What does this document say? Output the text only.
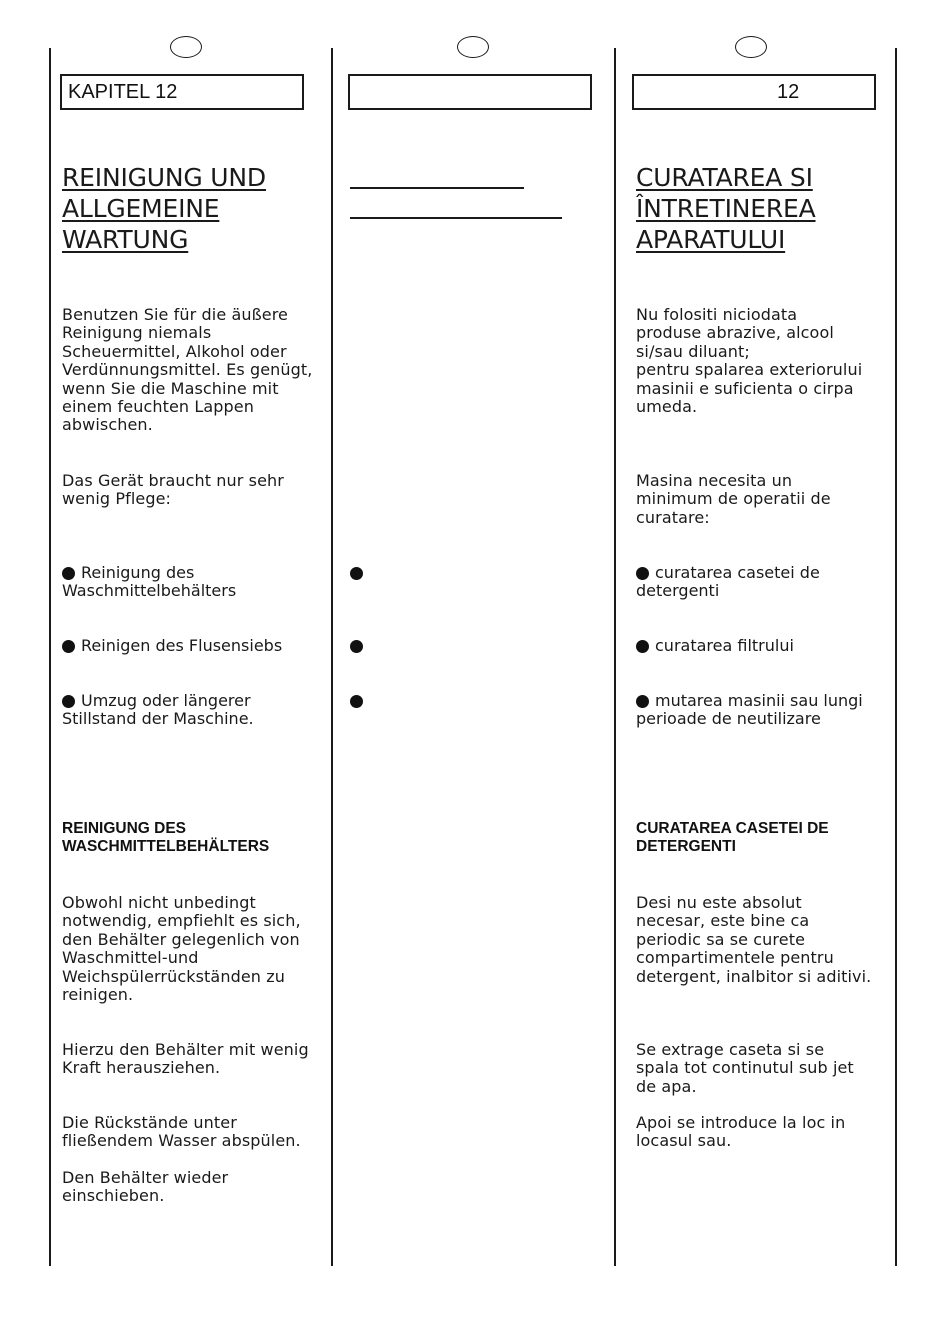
KAPITEL 12	12
REINIGUNG UND
ALLGEMEINE
WARTUNG
Benutzen Sie für die äußere
Reinigung niemals
Scheuermittel, Alkohol oder
Verdünnungsmittel. Es genügt,
wenn Sie die Maschine mit
einem feuchten Lappen
abwischen.
Das Gerät braucht nur sehr
wenig Pflege:
Reinigung des
Waschmittelbehälters
Reinigen des Flusensiebs
Umzug oder längerer
Stillstand der Maschine.
REINIGUNG DES
WASCHMITTELBEHÄLTERS
Obwohl nicht unbedingt
notwendig, empfiehlt es sich,
den Behälter gelegenlich von
Waschmittel-und
Weichspülerrückständen zu
reinigen.
Hierzu den Behälter mit wenig
Kraft herausziehen.
Die Rückstände unter
fließendem Wasser abspülen.
Den Behälter wieder
einschieben.
CURATAREA SI
ÎNTRETINEREA
APARATULUI
Nu folositi niciodata
produse abrazive, alcool
si/sau diluant;
pentru spalarea exteriorului
masinii e suficienta o cirpa
umeda.
Masina necesita un
minimum de operatii de
curatare:
curatarea casetei de
detergenti
curatarea filtrului
mutarea masinii sau lungi
perioade de neutilizare
CURATAREA CASETEI DE
DETERGENTI
Desi nu este absolut
necesar, este bine ca
periodic sa se curete
compartimentele pentru
detergent, inalbitor si aditivi.
Se extrage caseta si se
spala tot continutul sub jet
de apa.
Apoi se introduce la loc in
locasul sau.
